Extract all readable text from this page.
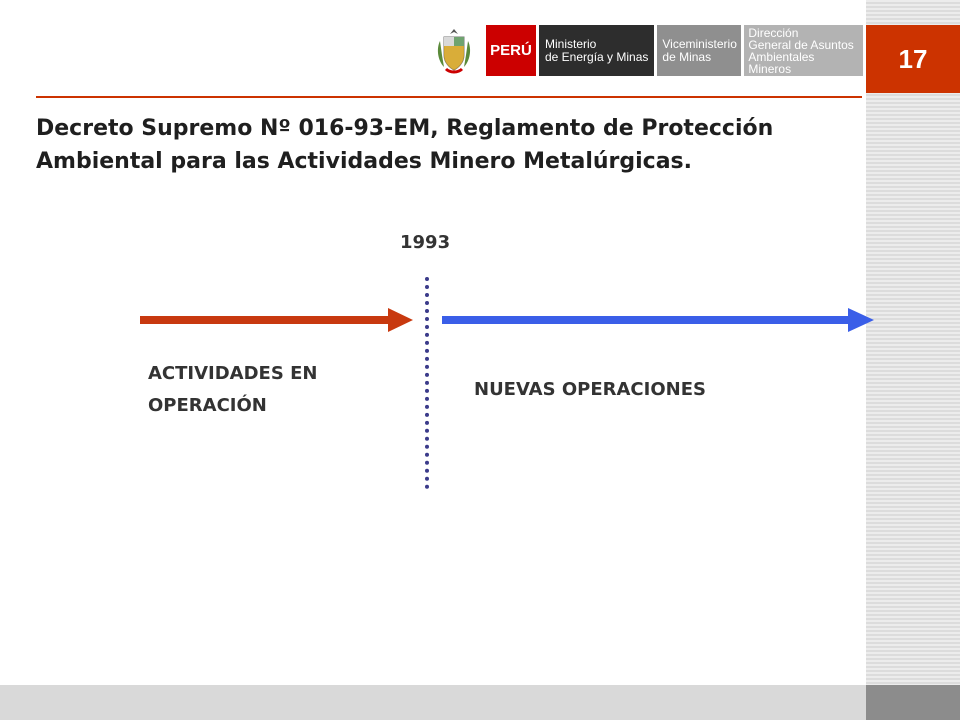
17
PERÚ Ministerio
de Energía y Minas
Viceministerio
de Minas
Dirección
General de Asuntos
Ambientales Mineros
Decreto Supremo Nº 016-93-EM, Reglamento de Protección Ambiental para las Actividades Minero Metalúrgicas.
1993
ACTIVIDADES EN OPERACIÓN
NUEVAS OPERACIONES
